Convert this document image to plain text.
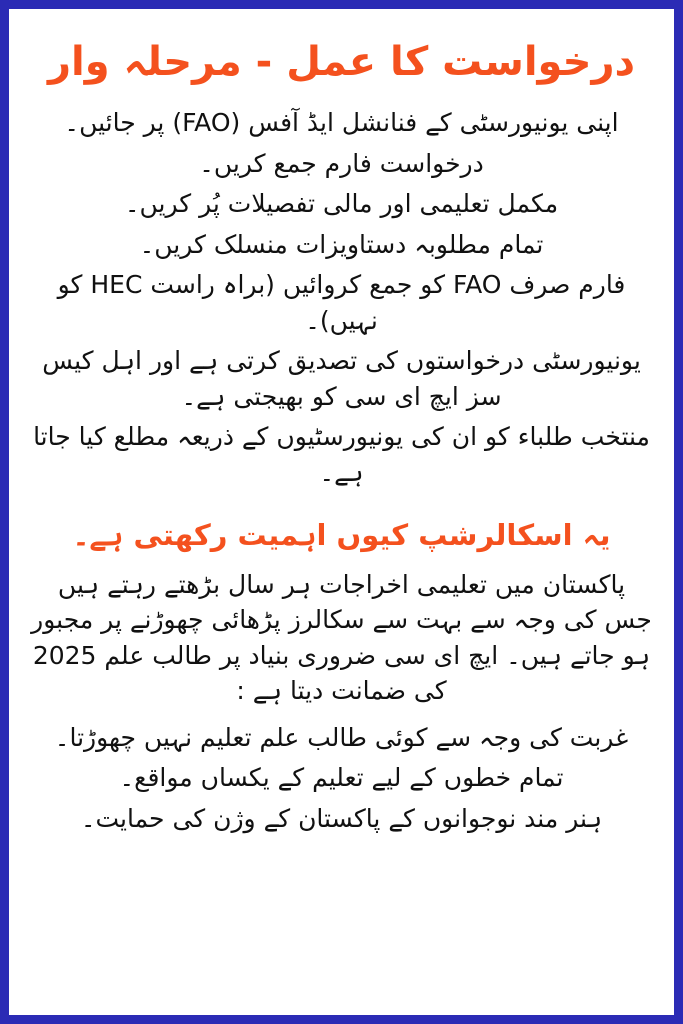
درخواست کا عمل - مرحلہ وار
اپنی یونیورسٹی کے فنانشل ایڈ آفس (FAO) پر جائیں۔
درخواست فارم جمع کریں۔
مکمل تعلیمی اور مالی تفصیلات پُر کریں۔
تمام مطلوبہ دستاویزات منسلک کریں۔
فارم صرف FAO کو جمع کروائیں (براہ راست HEC کو نہیں)۔
یونیورسٹی درخواستوں کی تصدیق کرتی ہے اور اہل کیس سز ایچ ای سی کو بھیجتی ہے۔
منتخب طلباء کو ان کی یونیورسٹیوں کے ذریعہ مطلع کیا جاتا ہے۔
یہ اسکالرشپ کیوں اہمیت رکھتی ہے۔
پاکستان میں تعلیمی اخراجات ہر سال بڑھتے رہتے ہیں جس کی وجہ سے بہت سے سکالرز پڑھائی چھوڑنے پر مجبور ہو جاتے ہیں۔ ایچ ای سی ضروری بنیاد پر طالب علم 2025 کی ضمانت دیتا ہے :
غربت کی وجہ سے کوئی طالب علم تعلیم نہیں چھوڑتا۔
تمام خطوں کے لیے تعلیم کے یکساں مواقع۔
ہنر مند نوجوانوں کے پاکستان کے وژن کی حمایت۔
